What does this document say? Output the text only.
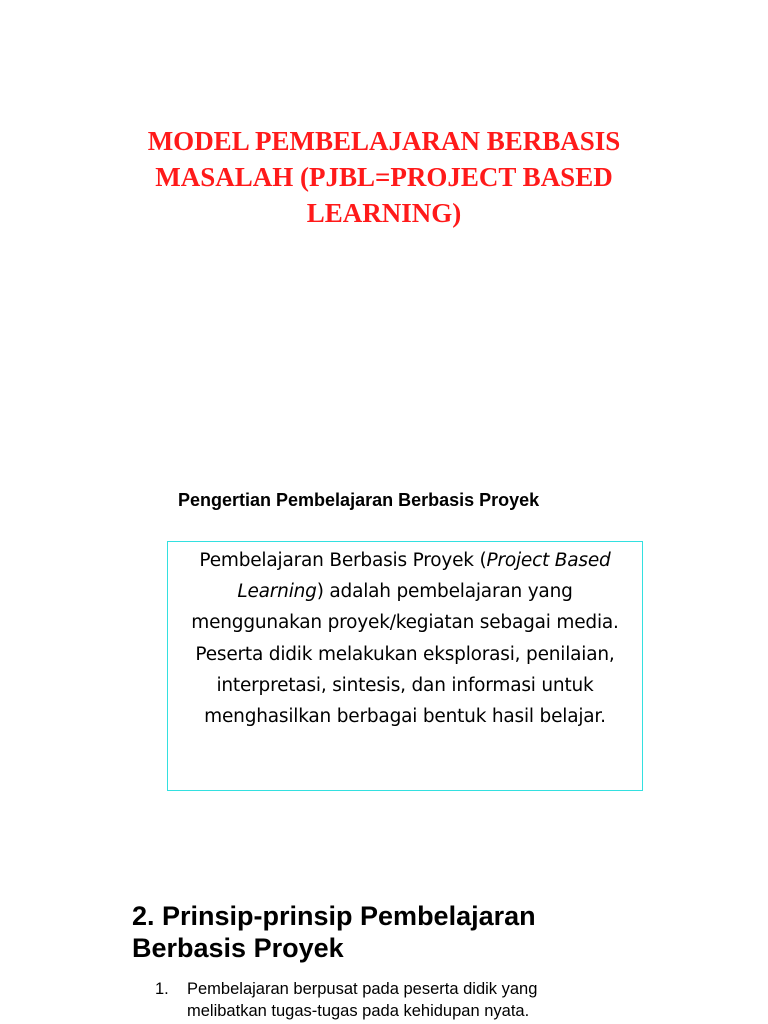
MODEL PEMBELAJARAN BERBASIS
MASALAH (PJBL=PROJECT BASED
LEARNING)
Pengertian Pembelajaran Berbasis Proyek

Pembelajaran Berbasis Proyek (Project Based Learning) adalah pembelajaran yang menggunakan proyek/kegiatan sebagai media. Peserta didik melakukan eksplorasi, penilaian, interpretasi, sintesis, dan informasi untuk menghasilkan berbagai bentuk hasil belajar.

2. Prinsip-prinsip Pembelajaran
Berbasis Proyek
1. Pembelajaran berpusat pada peserta didik yang
melibatkan tugas-tugas pada kehidupan nyata.
